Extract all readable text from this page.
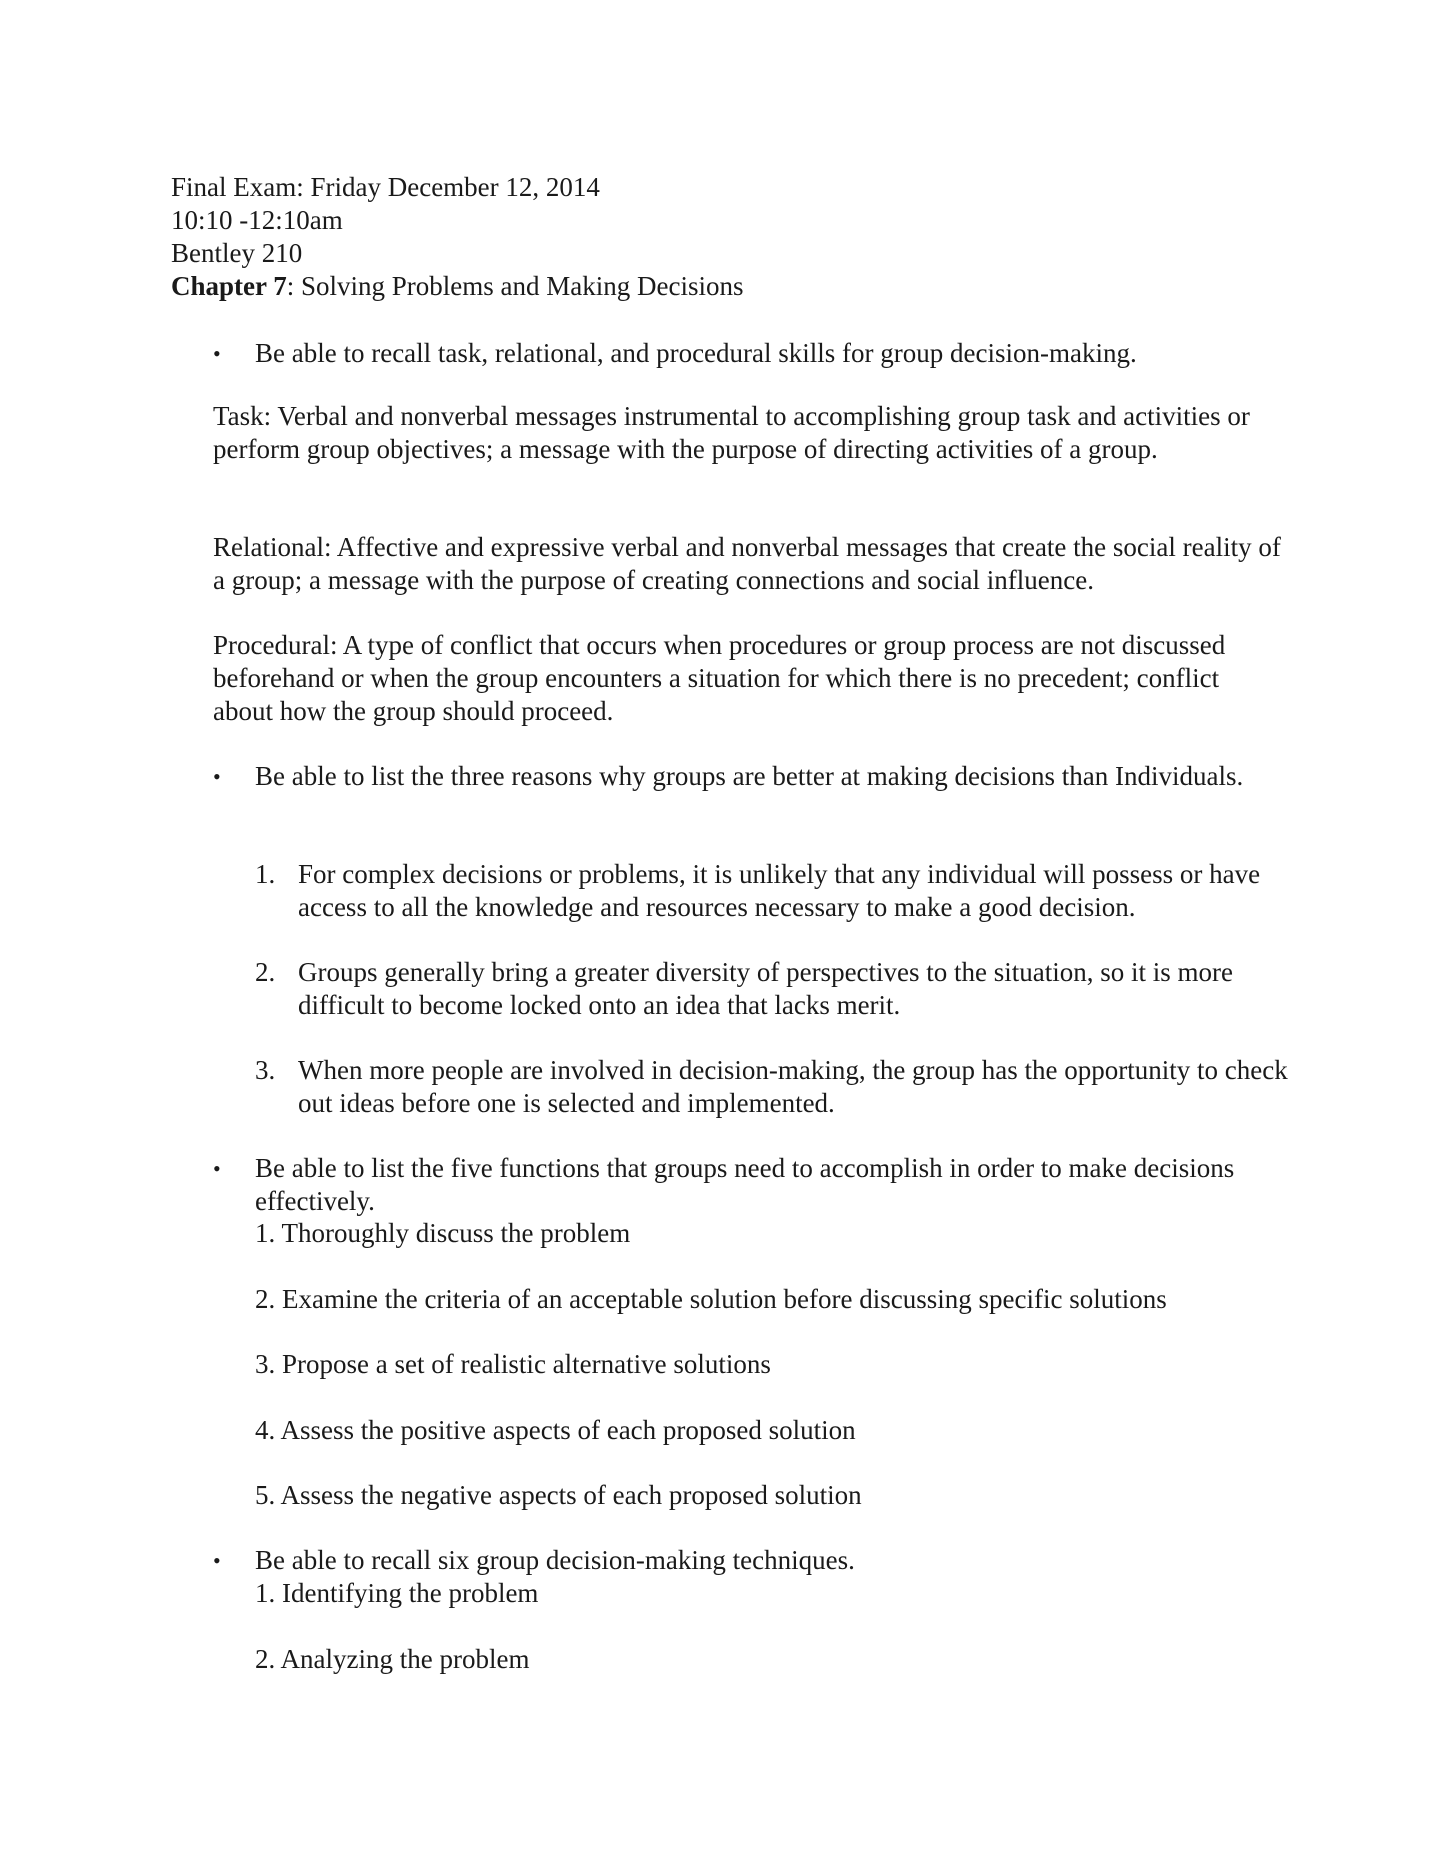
Final Exam: Friday December 12, 2014
10:10 -12:10am
Bentley 210
Chapter 7: Solving Problems and Making Decisions
•	Be able to recall task, relational, and procedural skills for group decision-making.
Task: Verbal and nonverbal messages instrumental to accomplishing group task and activities or perform group objectives; a message with the purpose of directing activities of a group.
Relational: Affective and expressive verbal and nonverbal messages that create the social reality of a group; a message with the purpose of creating connections and social influence.
Procedural: A type of conflict that occurs when procedures or group process are not discussed beforehand or when the group encounters a situation for which there is no precedent; conflict about how the group should proceed.
•	Be able to list the three reasons why groups are better at making decisions than Individuals.
1. For complex decisions or problems, it is unlikely that any individual will possess or have access to all the knowledge and resources necessary to make a good decision.
2. Groups generally bring a greater diversity of perspectives to the situation, so it is more difficult to become locked onto an idea that lacks merit.
3. When more people are involved in decision-making, the group has the opportunity to check out ideas before one is selected and implemented.
•	Be able to list the five functions that groups need to accomplish in order to make decisions effectively.
1. Thoroughly discuss the problem
2. Examine the criteria of an acceptable solution before discussing specific solutions
3. Propose a set of realistic alternative solutions
4. Assess the positive aspects of each proposed solution
5. Assess the negative aspects of each proposed solution
•	Be able to recall six group decision-making techniques.
1. Identifying the problem
2. Analyzing the problem
